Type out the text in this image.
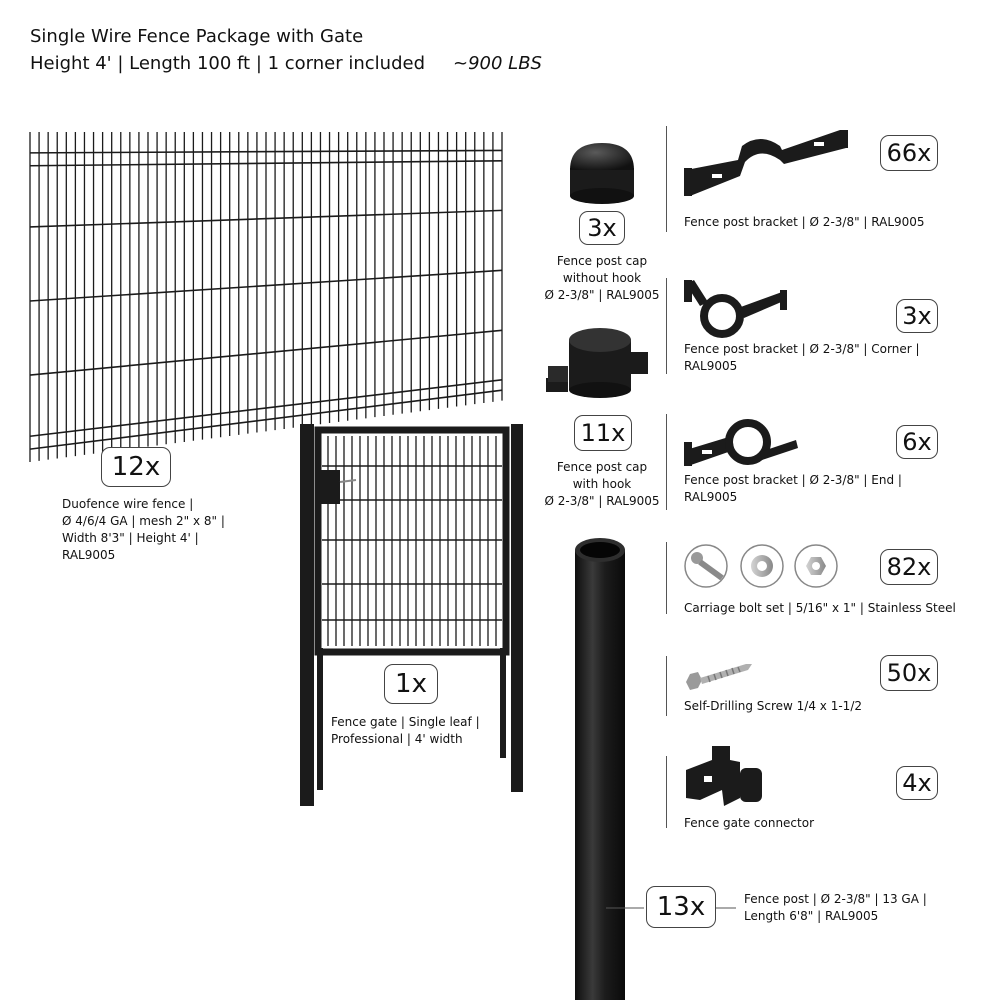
Single Wire Fence Package with Gate
Height 4' | Length 100 ft | 1 corner included ~900 LBS
12x
Duofence wire fence |
Ø 4/6/4 GA | mesh 2" x 8" |
Width 8'3" | Height 4' |
RAL9005
1x
Fence gate | Single leaf |
Professional | 4' width
3x
Fence post cap
without hook
Ø 2-3/8" | RAL9005
11x
Fence post cap
with hook
Ø 2-3/8" | RAL9005
66x
Fence post bracket | Ø 2-3/8" | RAL9005
3x
Fence post bracket | Ø 2-3/8" | Corner |
RAL9005
6x
Fence post bracket | Ø 2-3/8" | End |
RAL9005
82x
Carriage bolt set | 5/16" x 1" | Stainless Steel
50x
Self-Drilling Screw 1/4 x 1-1/2
4x
Fence gate connector
13x	Fence post | Ø 2-3/8" | 13 GA |
Length 6'8" | RAL9005
